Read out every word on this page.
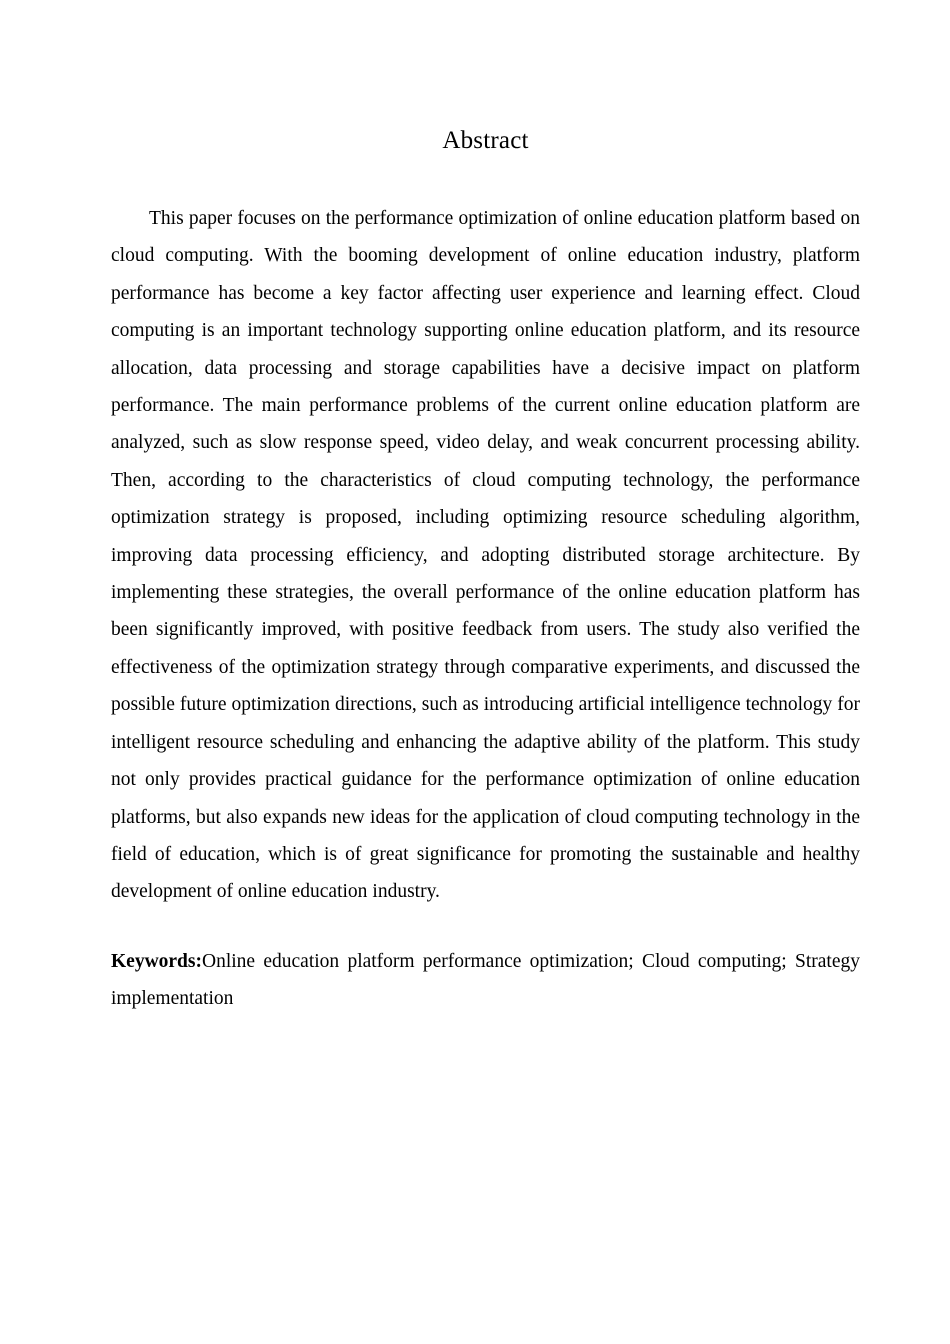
Abstract

This paper focuses on the performance optimization of online education platform based on cloud computing. With the booming development of online education industry, platform performance has become a key factor affecting user experience and learning effect. Cloud computing is an important technology supporting online education platform, and its resource allocation, data processing and storage capabilities have a decisive impact on platform performance. The main performance problems of the current online education platform are analyzed, such as slow response speed, video delay, and weak concurrent processing ability. Then, according to the characteristics of cloud computing technology, the performance optimization strategy is proposed, including optimizing resource scheduling algorithm, improving data processing efficiency, and adopting distributed storage architecture. By implementing these strategies, the overall performance of the online education platform has been significantly improved, with positive feedback from users. The study also verified the effectiveness of the optimization strategy through comparative experiments, and discussed the possible future optimization directions, such as introducing artificial intelligence technology for intelligent resource scheduling and enhancing the adaptive ability of the platform. This study not only provides practical guidance for the performance optimization of online education platforms, but also expands new ideas for the application of cloud computing technology in the field of education, which is of great significance for promoting the sustainable and healthy development of online education industry.

Keywords:Online education platform performance optimization; Cloud computing; Strategy implementation
